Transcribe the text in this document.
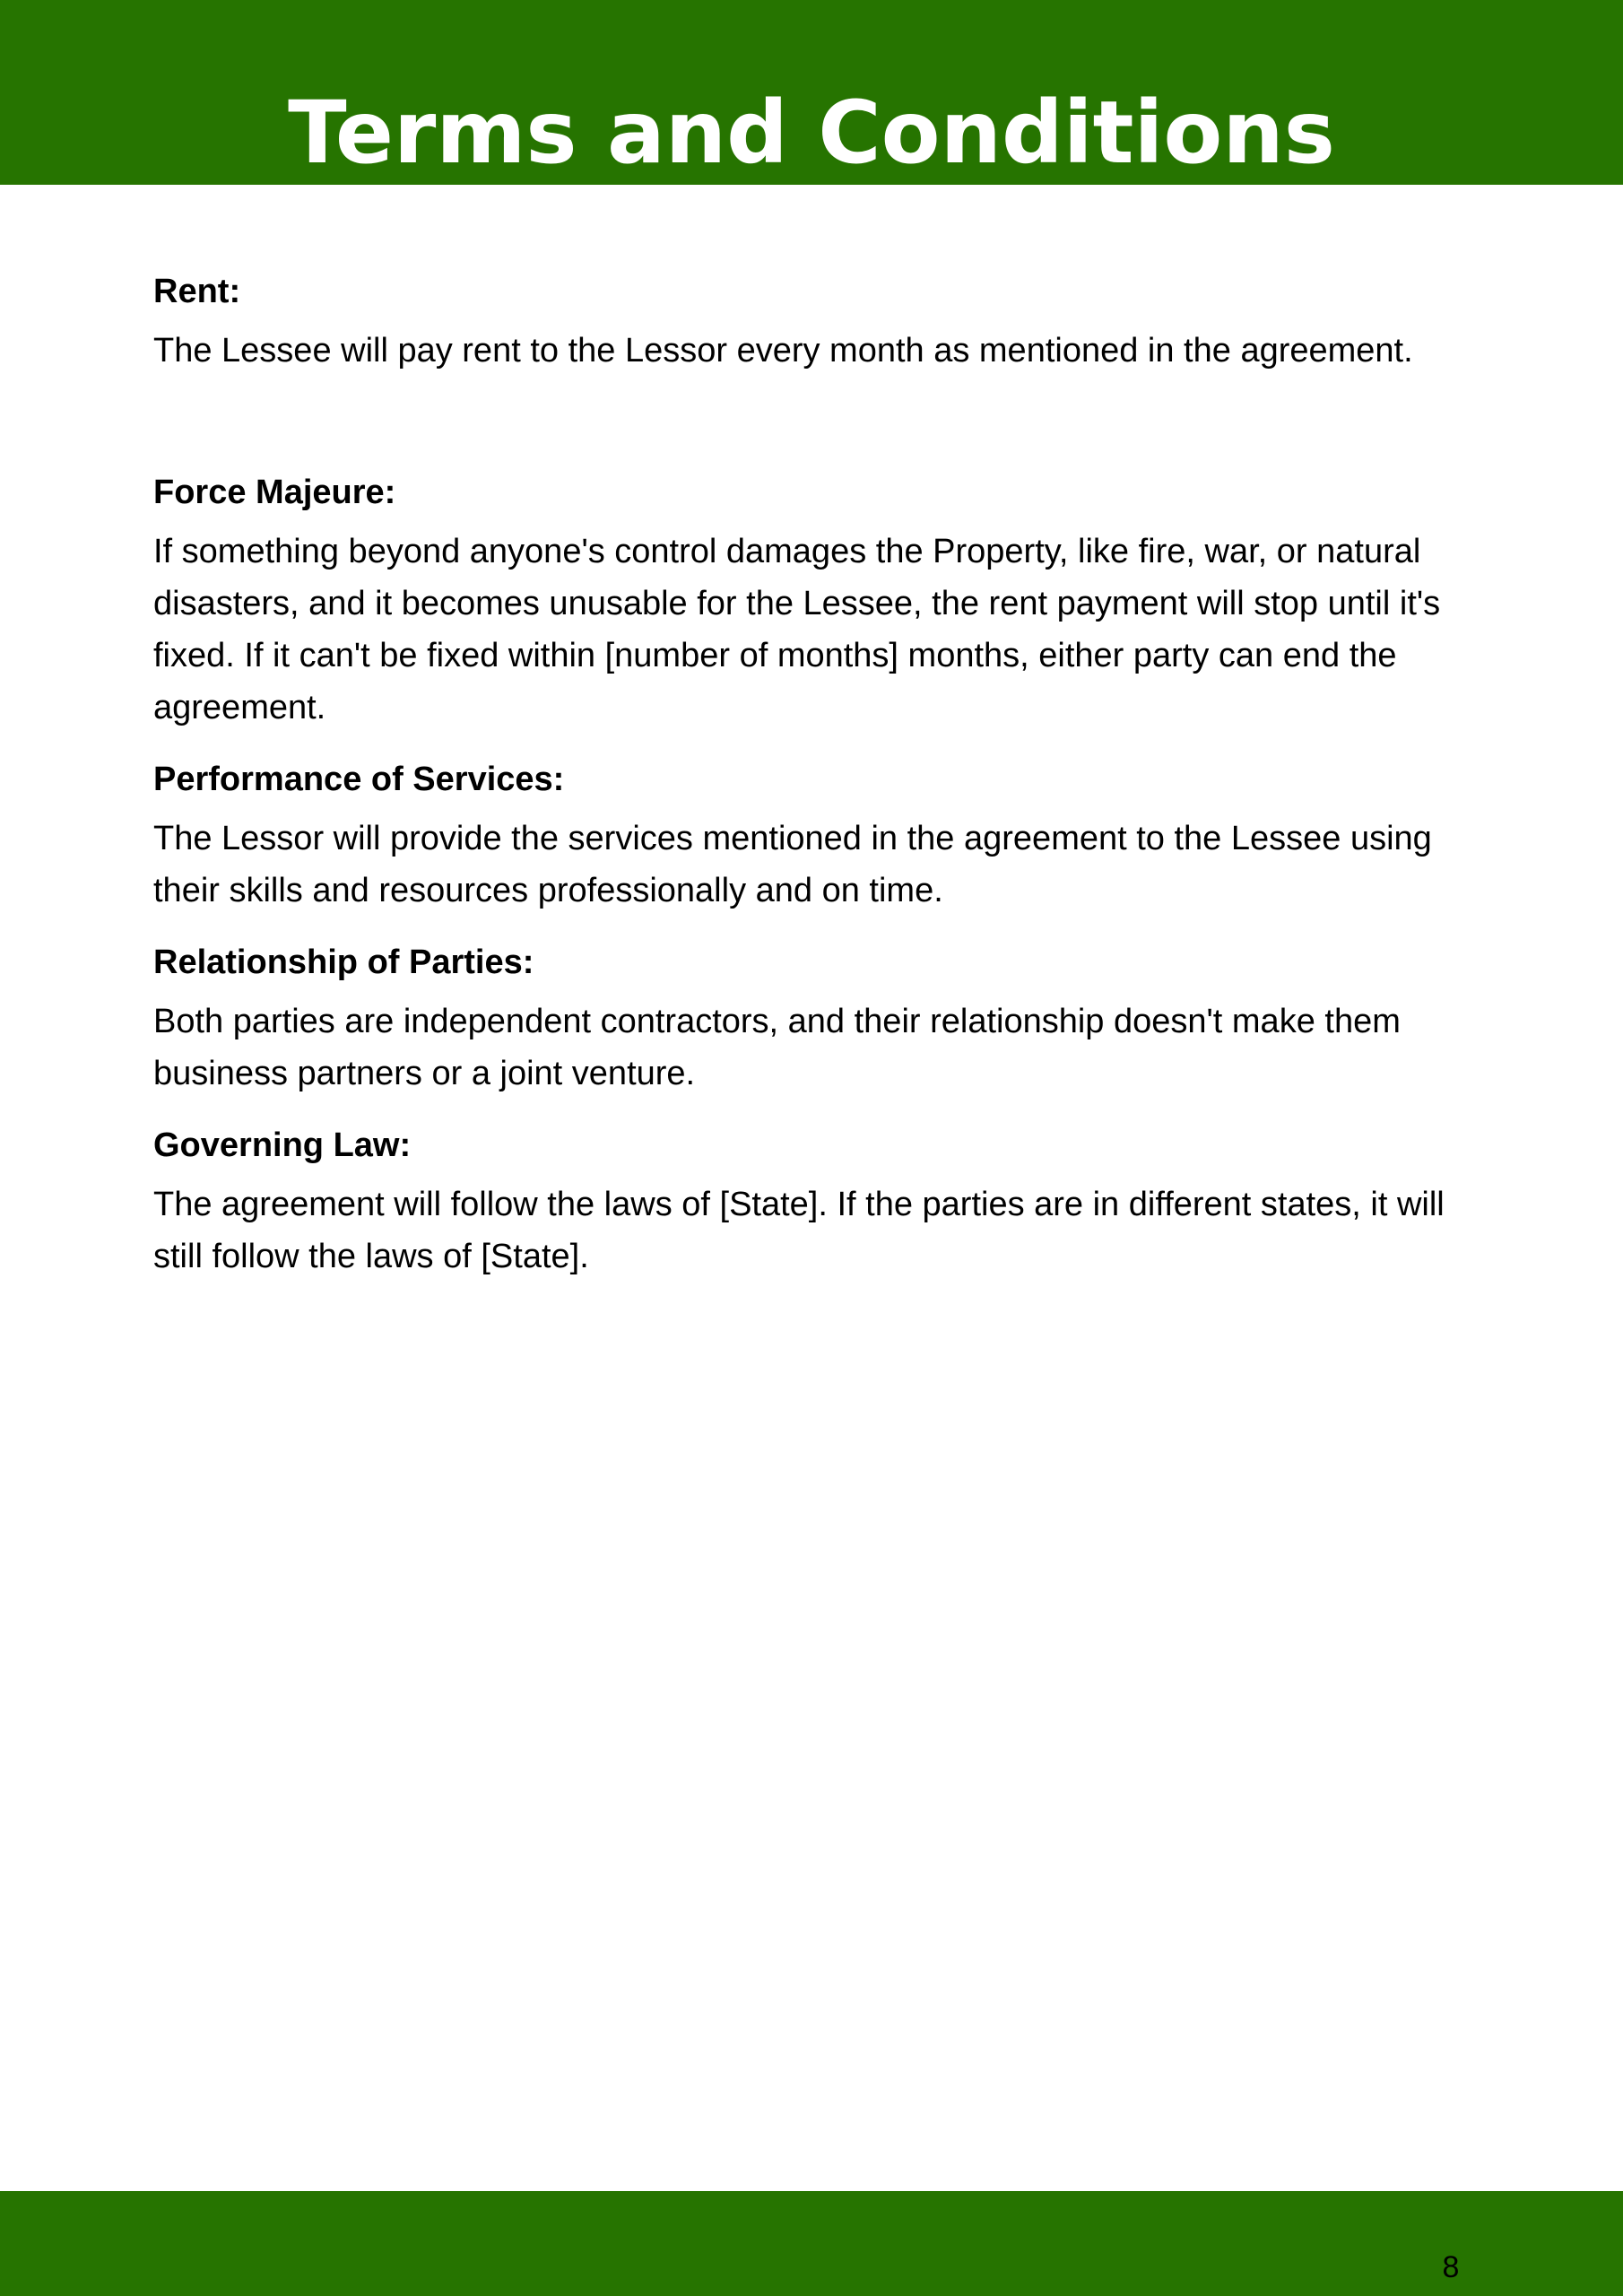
Terms and Conditions

Rent:

The Lessee will pay rent to the Lessor every month as mentioned in the agreement.

Force Majeure:

If something beyond anyone's control damages the Property, like fire, war, or natural disasters, and it becomes unusable for the Lessee, the rent payment will stop until it's fixed. If it can't be fixed within [number of months] months, either party can end the agreement.

Performance of Services:

The Lessor will provide the services mentioned in the agreement to the Lessee using their skills and resources professionally and on time.

Relationship of Parties:

Both parties are independent contractors, and their relationship doesn't make them business partners or a joint venture.

Governing Law:

The agreement will follow the laws of [State]. If the parties are in different states, it will still follow the laws of [State].

8
